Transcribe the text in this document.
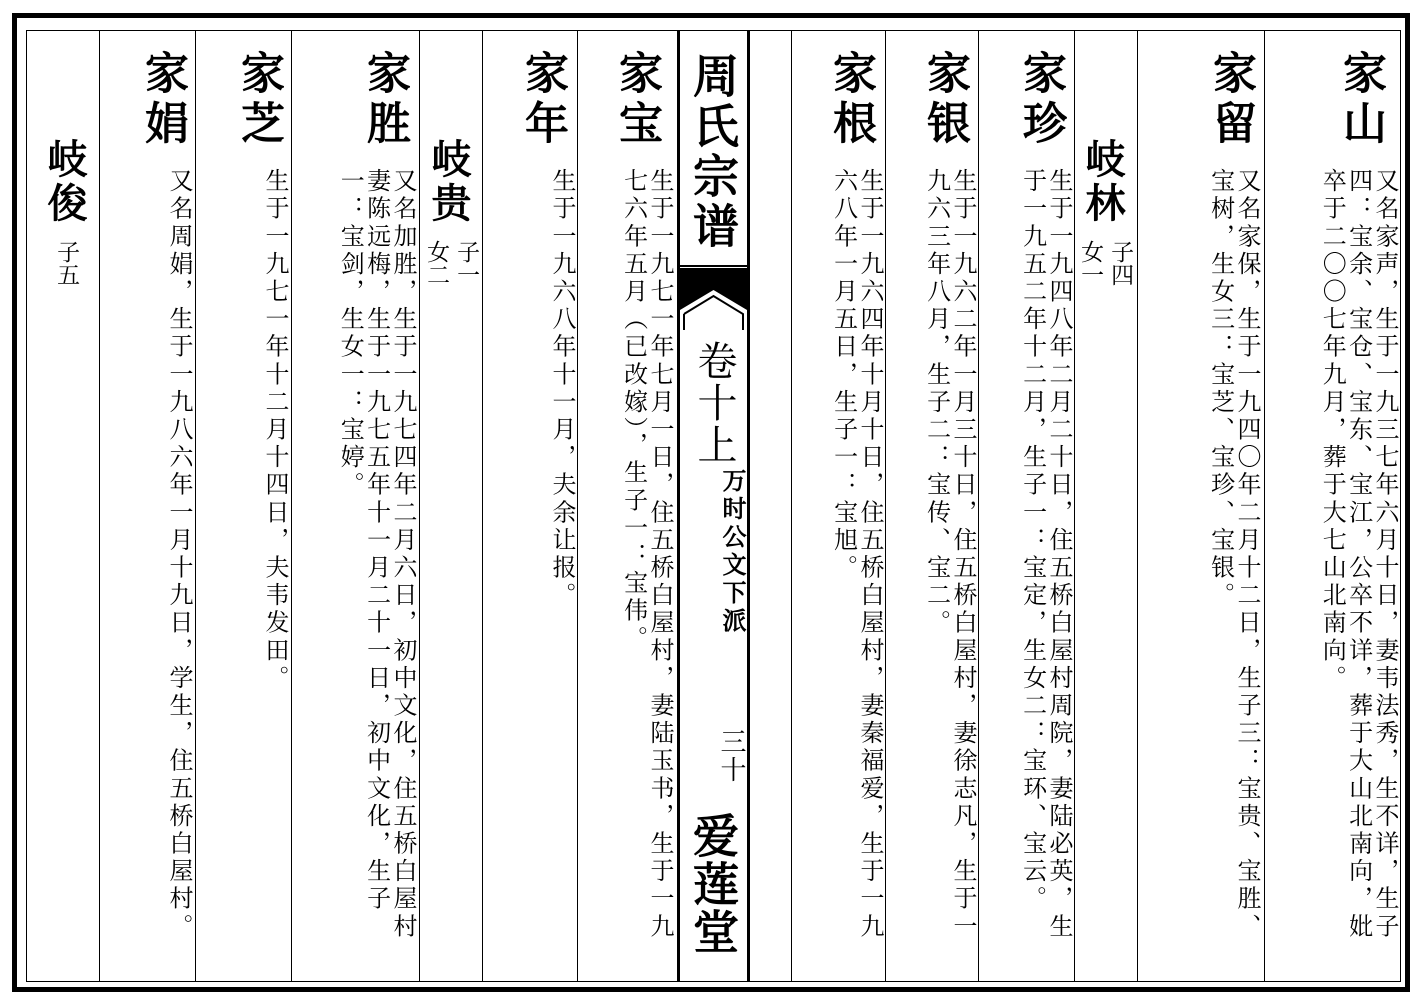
周氏宗谱
卷十上
万时公文下派
三十
爱莲堂
家山
又名家声，生于一九三七年六月十日，妻韦法秀，生不详，生子四：宝余、宝仓、宝东、宝江，公卒不详，葬于大山北南向，妣卒于二〇〇七年九月，葬于大七山北南向。
家留
又名家保，生于一九四〇年二月十二日，生子三：宝贵、宝胜、宝树，生女三：宝芝、宝珍、宝银。
岐林
子四
女一
家珍
生于一九四八年二月二十日，住五桥白屋村周院，妻陆必英，生于一九五二年十二月，生子一：宝定，生女二：宝环、宝云。
家银
生于一九六二年一月三十日，住五桥白屋村，妻徐志凡，生于一九六三年八月，生子二：宝传、宝二。
家根
生于一九六四年十月十日，住五桥白屋村，妻秦福爱，生于一九六八年一月五日，生子一：宝旭。
家宝
生于一九七一年七月一日，住五桥白屋村，妻陆玉书，生于一九七六年五月（已改嫁），生子一：宝伟。
家年
生于一九六八年十一月，夫余让报。
岐贵
子一
女二
家胜
又名加胜，生于一九七四年二月六日，初中文化，住五桥白屋村妻陈远梅，生于一九七五年十一月二十一日，初中文化，生子一：宝剑，生女一：宝婷。
家芝
生于一九七一年十二月十四日，夫韦发田。
家娟
又名周娟，生于一九八六年一月十九日，学生，住五桥白屋村。
岐俊
子五
